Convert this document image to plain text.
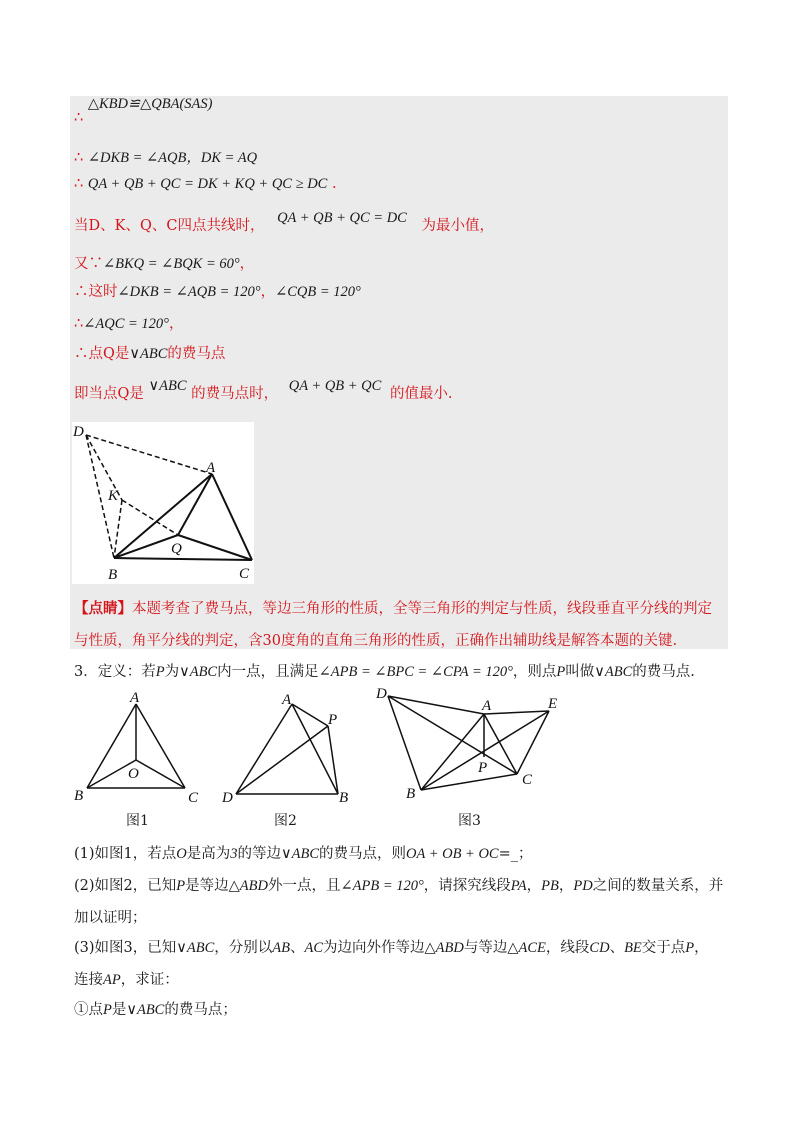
∴ △KBD≌△QBA(SAS)
∴ ∠DKB = ∠AQB，DK = AQ
∴ QA + QB + QC = DK + KQ + QC ≥ DC .
当D、K、Q、C四点共线时， QA + QB + QC = DC 为最小值，
又∵∠BKQ = ∠BQK = 60°，
∴这时∠DKB = ∠AQB = 120°，∠CQB = 120°
∴∠AQC = 120°，
∴点Q是∨ABC的费马点
即当点Q是 ∨ABC 的费马点时， QA + QB + QC 的值最小.
D
A
K
Q
B	C
【点睛】本题考查了费马点，等边三角形的性质，全等三角形的判定与性质，线段垂直平分线的判定与性质，角平分线的判定，含30度角的直角三角形的性质，正确作出辅助线是解答本题的关键.
3．定义：若P为∨ABC内一点，且满足∠APB = ∠BPC = ∠CPA = 120°，则点P叫做∨ABC的费马点.
A
O
B	C
图1
A
P
D	B
图2
D
A	E
P
B
C
图3
(1)如图1，若点O是高为3的等边∨ABC的费马点，则OA + OB + OC=_；
(2)如图2，已知P是等边△ABD外一点，且∠APB = 120°，请探究线段PA，PB，PD之间的数量关系，并
加以证明；
(3)如图3，已知∨ABC，分别以AB、AC为边向外作等边△ABD与等边△ACE，线段CD、BE交于点P，
连接AP，求证：
①点P是∨ABC的费马点；
